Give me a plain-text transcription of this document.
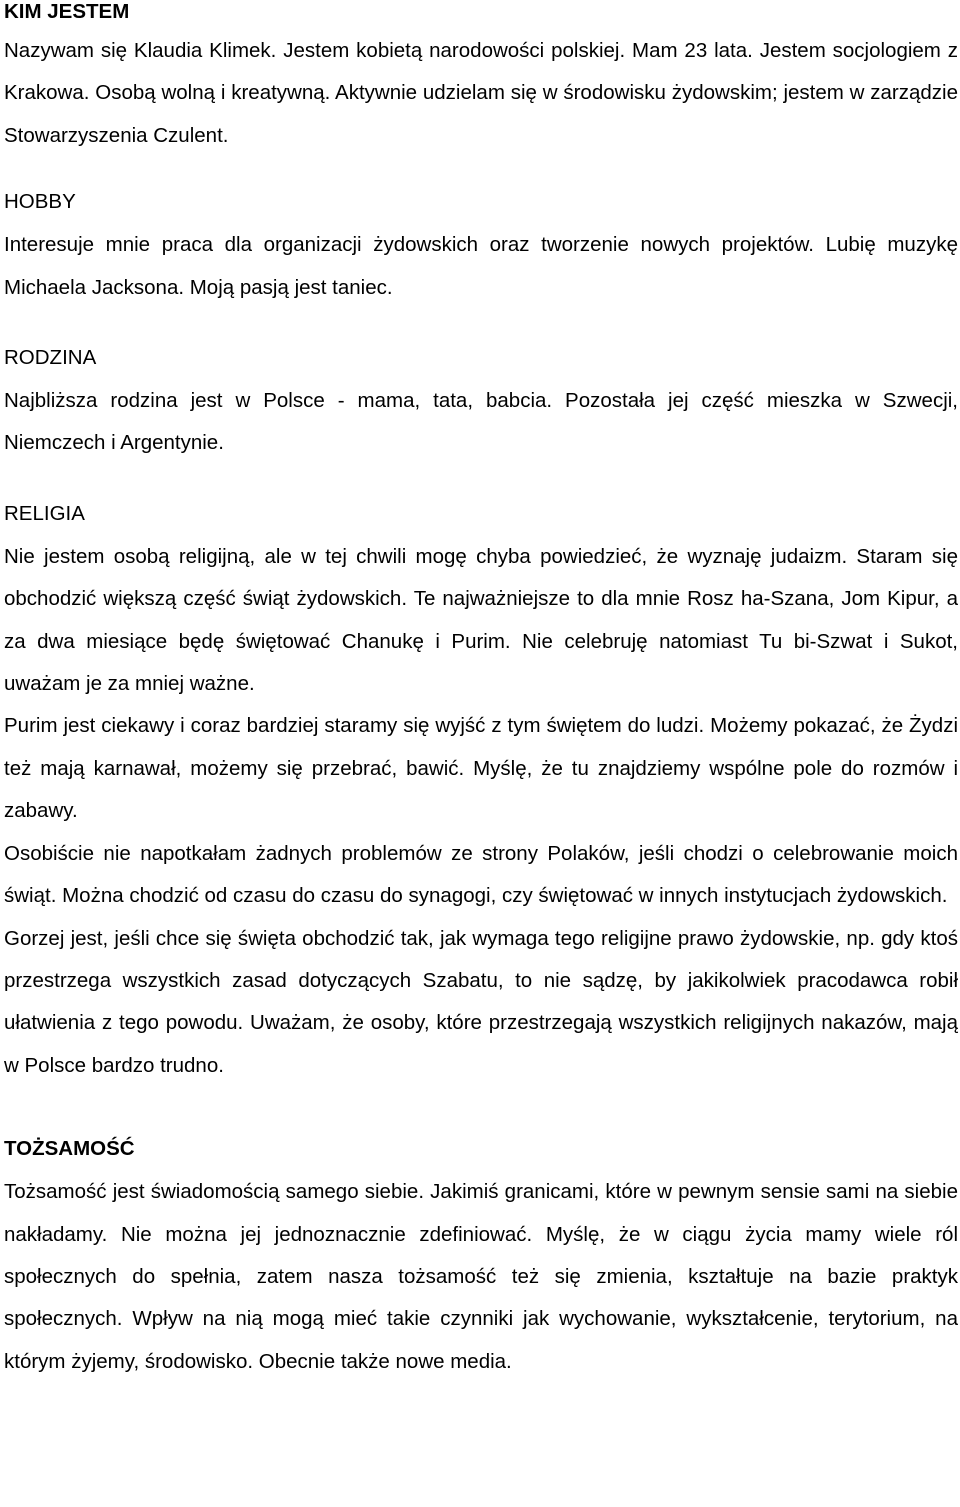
KIM JESTEM

Nazywam się Klaudia Klimek. Jestem kobietą narodowości polskiej. Mam 23 lata. Jestem socjologiem z Krakowa. Osobą wolną i kreatywną. Aktywnie udzielam się w środowisku żydowskim; jestem w zarządzie Stowarzyszenia Czulent.

HOBBY

Interesuje mnie praca dla organizacji żydowskich oraz tworzenie nowych projektów. Lubię muzykę Michaela Jacksona. Moją pasją jest taniec.

RODZINA

Najbliższa rodzina jest w Polsce - mama, tata, babcia. Pozostała jej część mieszka w Szwecji, Niemczech i Argentynie.

RELIGIA

Nie jestem osobą religijną, ale w tej chwili mogę chyba powiedzieć, że wyznaję judaizm. Staram się obchodzić większą część świąt żydowskich. Te najważniejsze to dla mnie Rosz ha-Szana, Jom Kipur, a za dwa miesiące będę świętować Chanukę i Purim. Nie celebruję natomiast Tu bi-Szwat i Sukot, uważam je za mniej ważne.

Purim jest ciekawy i coraz bardziej staramy się wyjść z tym świętem do ludzi. Możemy pokazać, że Żydzi też mają karnawał, możemy się przebrać, bawić. Myślę, że tu znajdziemy wspólne pole do rozmów i zabawy.

Osobiście nie napotkałam żadnych problemów ze strony Polaków, jeśli chodzi o celebrowanie moich świąt. Można chodzić od czasu do czasu do synagogi, czy świętować w innych instytucjach żydowskich.

Gorzej jest, jeśli chce się święta obchodzić tak, jak wymaga tego religijne prawo żydowskie, np. gdy ktoś przestrzega wszystkich zasad dotyczących Szabatu, to nie sądzę, by jakikolwiek pracodawca robił ułatwienia z tego powodu. Uważam, że osoby, które przestrzegają wszystkich religijnych nakazów, mają w Polsce bardzo trudno.

TOŻSAMOŚĆ

Tożsamość jest świadomością samego siebie. Jakimiś granicami, które w pewnym sensie sami na siebie nakładamy. Nie można jej jednoznacznie zdefiniować. Myślę, że w ciągu życia mamy wiele ról społecznych do spełnia, zatem nasza tożsamość też się zmienia, kształtuje na bazie praktyk społecznych. Wpływ na nią mogą mieć takie czynniki jak wychowanie, wykształcenie, terytorium, na którym żyjemy, środowisko. Obecnie także nowe media.
